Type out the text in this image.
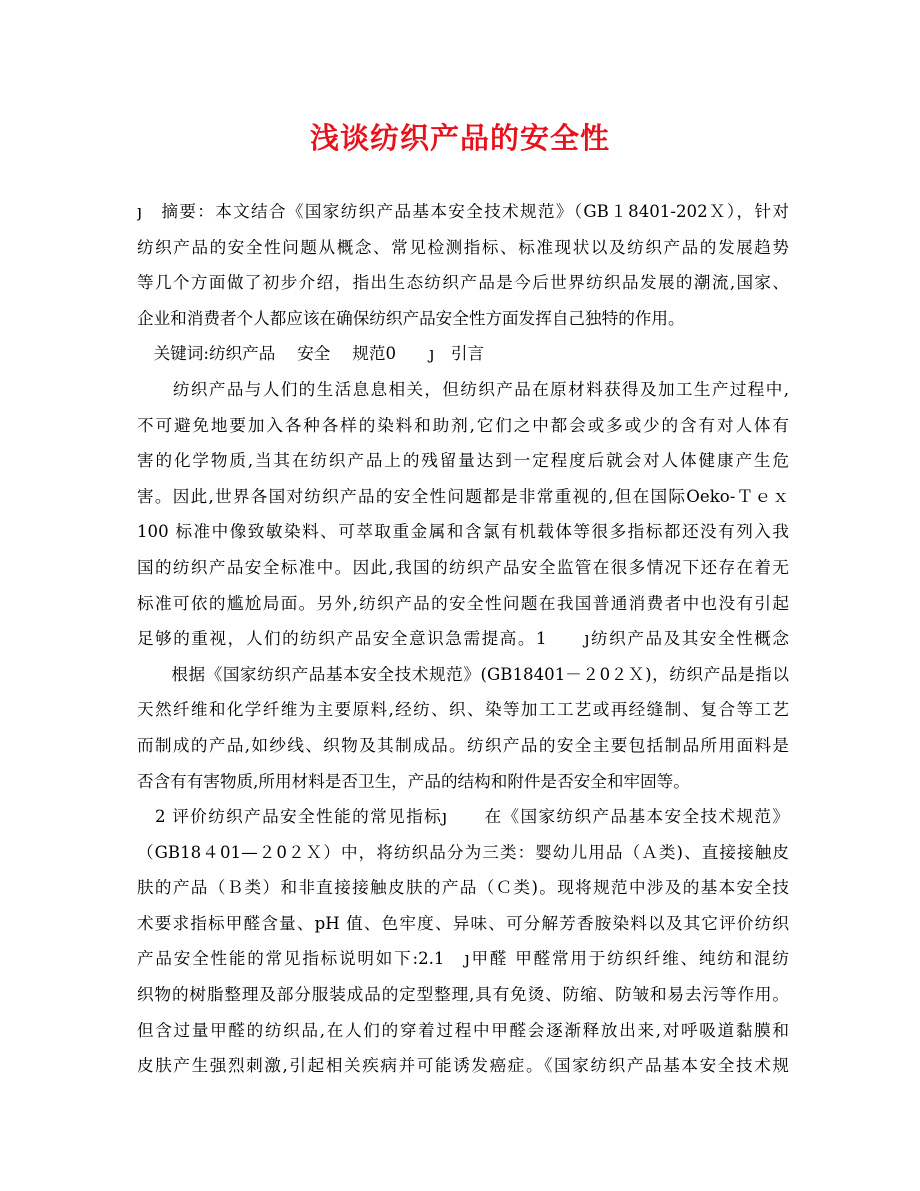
浅谈纺织产品的安全性
ȷ　摘要：本文结合《国家纺织产品基本安全技术规范》（GB１8401-202Ｘ），针对
纺织产品的安全性问题从概念、常见检测指标、标准现状以及纺织产品的发展趋势
等几个方面做了初步介绍，指出生态纺织产品是今后世界纺织品发展的潮流,国家、
企业和消费者个人都应该在确保纺织产品安全性方面发挥自己独特的作用。
　关键词:纺织产品　 安全　 规范0　　ȷ　引言
　　纺织产品与人们的生活息息相关，但纺织产品在原材料获得及加工生产过程中,
不可避免地要加入各种各样的染料和助剂,它们之中都会或多或少的含有对人体有
害的化学物质,当其在纺织产品上的残留量达到一定程度后就会对人体健康产生危
害。因此,世界各国对纺织产品的安全性问题都是非常重视的,但在国际Oeko-Ｔｅｘ
100 标准中像致敏染料、可萃取重金属和含氯有机载体等很多指标都还没有列入我
国的纺织产品安全标准中。因此,我国的纺织产品安全监管在很多情况下还存在着无
标准可依的尴尬局面。另外,纺织产品的安全性问题在我国普通消费者中也没有引起
足够的重视，人们的纺织产品安全意识急需提高。1　　ȷ纺织产品及其安全性概念
　　根据《国家纺织产品基本安全技术规范》(GB18401－２0２Ｘ)，纺织产品是指以
天然纤维和化学纤维为主要原料,经纺、织、染等加工工艺或再经缝制、复合等工艺
而制成的产品,如纱线、织物及其制成品。纺织产品的安全主要包括制品所用面料是
否含有有害物质,所用材料是否卫生，产品的结构和附件是否安全和牢固等。
　2 评价纺织产品安全性能的常见指标ȷ　　在《国家纺织产品基本安全技术规范》
（GB18４01—２0２Ｘ）中，将纺织品分为三类：婴幼儿用品（Ａ类)、直接接触皮
肤的产品（Ｂ类）和非直接接触皮肤的产品（Ｃ类)。现将规范中涉及的基本安全技
术要求指标甲醛含量、pH 值、色牢度、异味、可分解芳香胺染料以及其它评价纺织
产品安全性能的常见指标说明如下:2.1　ȷ甲醛 甲醛常用于纺织纤维、纯纺和混纺
织物的树脂整理及部分服装成品的定型整理,具有免烫、防缩、防皱和易去污等作用。
但含过量甲醛的纺织品,在人们的穿着过程中甲醛会逐渐释放出来,对呼吸道黏膜和
皮肤产生强烈刺激,引起相关疾病并可能诱发癌症。《国家纺织产品基本安全技术规
